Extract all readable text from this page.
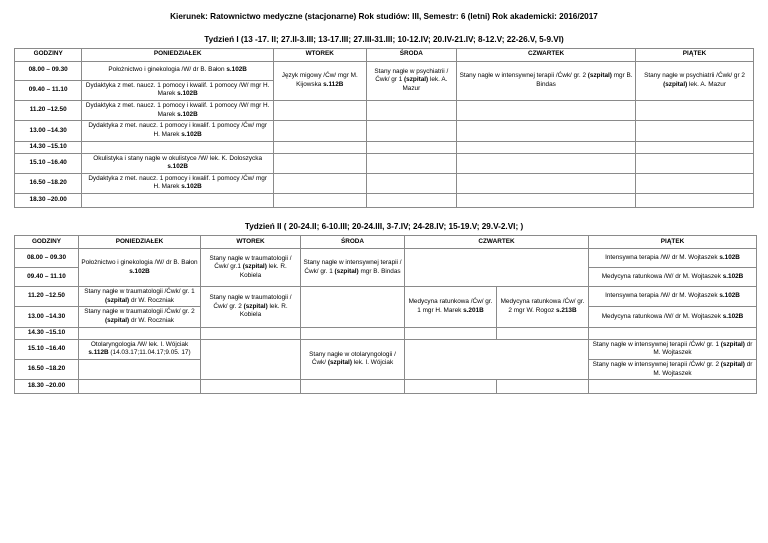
Kierunek: Ratownictwo medyczne (stacjonarne) Rok studiów: III, Semestr: 6 (letni) Rok akademicki: 2016/2017
Tydzień I (13 -17. II; 27.II-3.III; 13-17.III; 27.III-31.III; 10-12.IV; 20.IV-21.IV; 8-12.V; 22-26.V, 5-9.VI)
GODZINY	PONIEDZIAŁEK	WTOREK	ŚRODA	CZWARTEK	PIĄTEK
08.00 – 09.30	Położnictwo i ginekologia /W/ dr B. Bałon s.102B	Język migowy /Ćw/ mgr M. Kijowska s.112B	Stany nagłe w psychiatrii /Ćwk/ gr 1 (szpital) lek. A. Mazur	Stany nagłe w intensywnej terapii /Ćwk/ gr. 2 (szpital) mgr B. Bindas	Stany nagłe w psychiatrii /Ćwk/ gr 2 (szpital) lek. A. Mazur
09.40 – 11.10	Dydaktyka z met. naucz. 1 pomocy i kwalif. 1 pomocy /W/ mgr H. Marek s.102B				
11.20 –12.50	Dydaktyka z met. naucz. 1 pomocy i kwalif. 1 pomocy /W/ mgr H. Marek s.102B				
13.00 –14.30	Dydaktyka z met. naucz. 1 pomocy i kwalif. 1 pomocy /Ćw/ mgr H. Marek s.102B				
14.30 –15.10					
15.10 –16.40	Okulistyka i stany nagłe w okulistyce /W/ lek. K. Doloszycka s.102B				
16.50 –18.20	Dydaktyka z met. naucz. 1 pomocy i kwalif. 1 pomocy /Ćw/ mgr H. Marek s.102B				
18.30 –20.00					
Tydzień II ( 20-24.II; 6-10.III; 20-24.III, 3-7.IV; 24-28.IV; 15-19.V; 29.V-2.VI; )
GODZINY	PONIEDZIAŁEK	WTOREK	ŚRODA	CZWARTEK		PIĄTEK
08.00 – 09.30	Położnictwo i ginekologia /W/ dr B. Bałon s.102B	Stany nagłe w traumatologii /Ćwk/ gr.1 (szpital) lek. R. Kobiela	Stany nagłe w intensywnej terapii /Ćwk/ gr. 1 (szpital) mgr B. Bindas			Intensywna terapia /W/ dr M. Wojtaszek s.102B
09.40 – 11.10						Medycyna ratunkowa /W/ dr M. Wojtaszek s.102B
11.20 –12.50	Stany nagłe w traumatologii /Ćwk/ gr. 1 (szpital) dr W. Roczniak	Stany nagłe w traumatologii /Ćwk/ gr. 2 (szpital) lek. R. Kobiela		Medycyna ratunkowa /Ćw/ gr. 1 mgr H. Marek s.201B	Medycyna ratunkowa /Ćw/ gr. 2 mgr W. Rogoz s.213B	Intensywna terapia /W/ dr M. Wojtaszek s.102B
13.00 –14.30	Stany nagłe w traumatologii /Ćwk/ gr. 2 (szpital) dr W. Roczniak					Medycyna ratunkowa /W/ dr M. Wojtaszek s.102B
14.30 –15.10						
15.10 –16.40	Otolaryngologia /W/ lek. I. Wójciak s.112B (14.03.17;11.04.17;9.05. 17)		Stany nagłe w otolaryngologii /Ćwk/ (szpital) lek. I. Wójciak			Stany nagłe w intensywnej terapii /Ćwk/ gr. 1 (szpital) dr M. Wojtaszek
16.50 –18.20						Stany nagłe w intensywnej terapii /Ćwk/ gr. 2 (szpital) dr M. Wojtaszek
18.30 –20.00						
